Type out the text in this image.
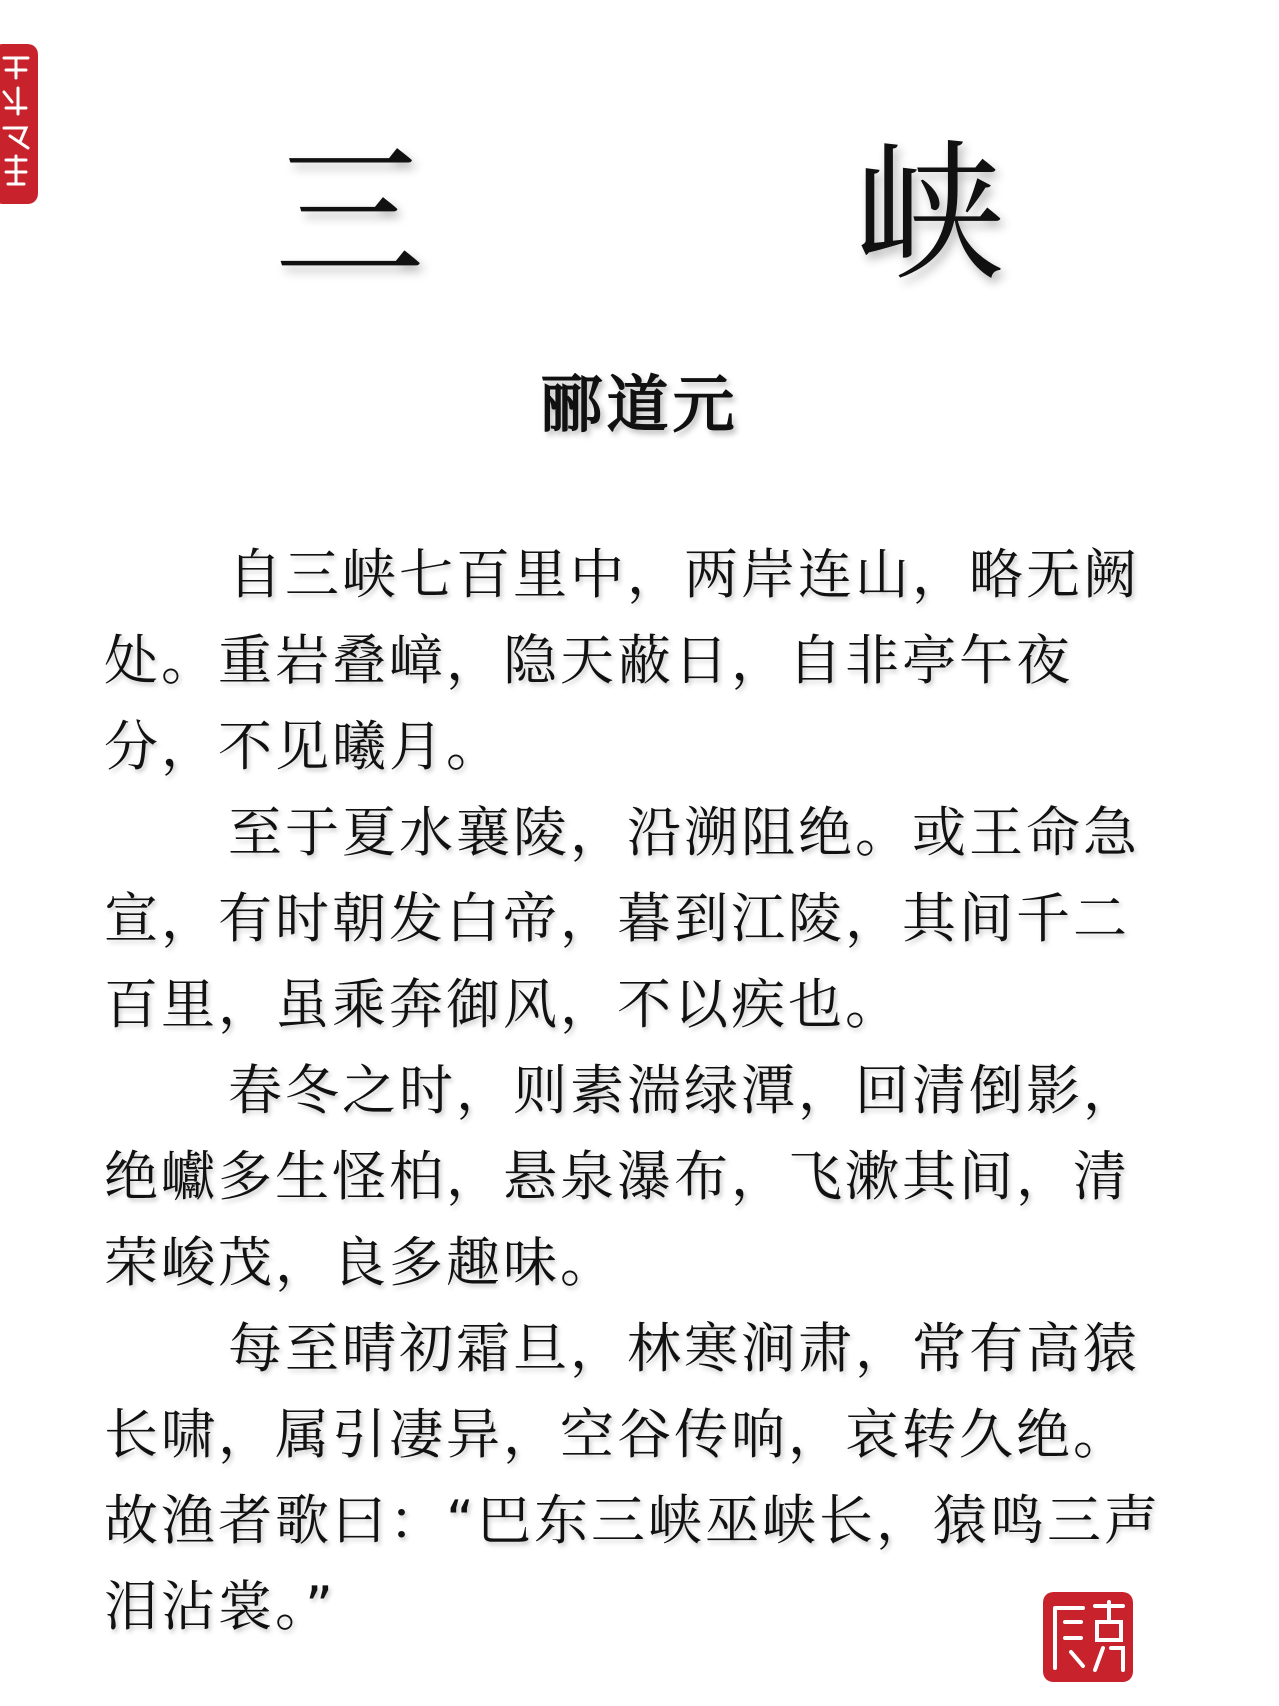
三　峡
郦道元

自三峡七百里中，两岸连山，略无阙处。重岩叠嶂，隐天蔽日，自非亭午夜分，不见曦月。

至于夏水襄陵，沿溯阻绝。或王命急宣，有时朝发白帝，暮到江陵，其间千二百里，虽乘奔御风，不以疾也。

春冬之时，则素湍绿潭，回清倒影，绝巘多生怪柏，悬泉瀑布，飞漱其间，清荣峻茂，良多趣味。

每至晴初霜旦，林寒涧肃，常有高猿长啸，属引凄异，空谷传响，哀转久绝。故渔者歌曰：“巴东三峡巫峡长，猿鸣三声泪沾裳。”
